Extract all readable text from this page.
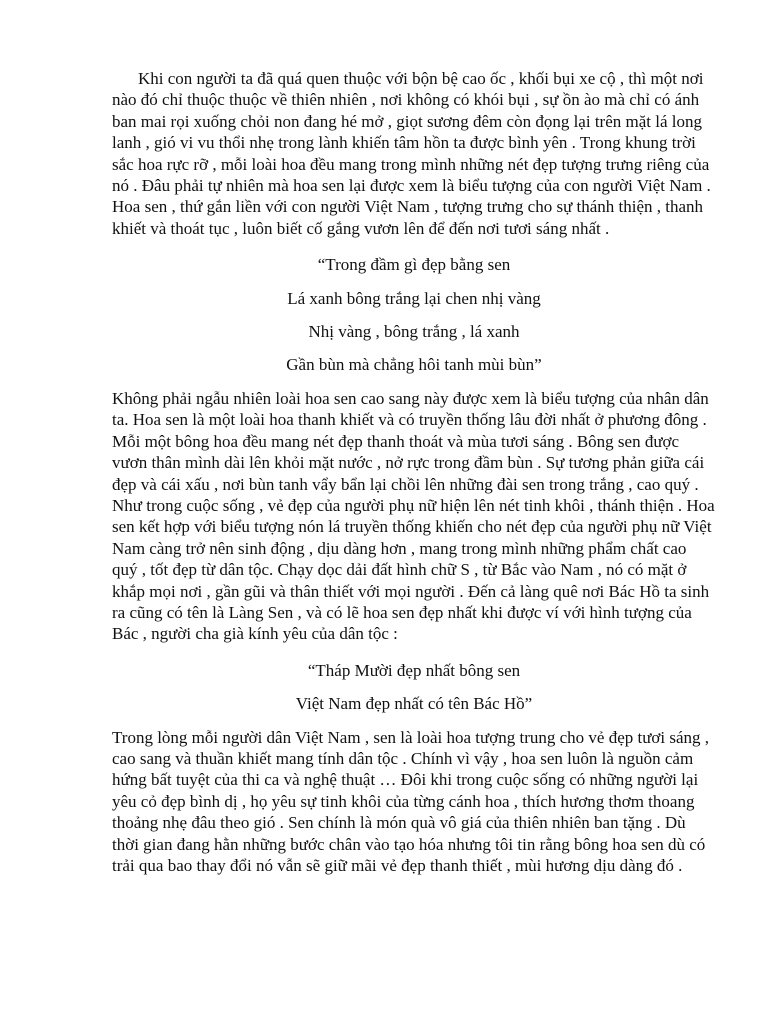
Khi con người ta đã quá quen thuộc với bộn bệ cao ốc , khối bụi xe cộ , thì một nơi nào đó chỉ thuộc thuộc về thiên nhiên , nơi không có khói bụi , sự ồn ào mà chỉ có ánh ban mai rọi xuống chỏi non đang hé mở , giọt sương đêm còn đọng lại trên mặt lá long lanh , gió vi vu thổi nhẹ trong lành khiến tâm hồn ta được bình yên . Trong khung trời sắc hoa rực rỡ , mỗi loài hoa đều mang trong mình những nét đẹp tượng trưng riêng của nó . Đâu phải tự nhiên mà hoa sen lại được xem là biểu tượng của con người Việt Nam . Hoa sen , thứ gắn liền với con người Việt Nam , tượng trưng cho sự thánh thiện , thanh khiết và thoát tục , luôn biết cố gắng vươn lên để đến nơi tươi sáng nhất .

“Trong đầm gì đẹp bằng sen
Lá xanh bông trắng lại chen nhị vàng
Nhị vàng , bông trắng , lá xanh
Gần bùn mà chẳng hôi tanh mùi bùn”

Không phải ngẫu nhiên loài hoa sen cao sang này được xem là biểu tượng của nhân dân ta. Hoa sen là một loài hoa thanh khiết và có truyền thống lâu đời nhất ở phương đông . Mỗi một bông hoa đều mang nét đẹp thanh thoát và mùa tươi sáng . Bông sen được vươn thân mình dài lên khỏi mặt nước , nở rực trong đầm bùn . Sự tương phản giữa cái đẹp và cái xấu , nơi bùn tanh vẩy bẩn lại chồi lên những đài sen trong trắng , cao quý . Như trong cuộc sống , vẻ đẹp của người phụ nữ hiện lên nét tinh khôi , thánh thiện . Hoa sen kết hợp với biểu tượng nón lá truyền thống khiến cho nét đẹp của người phụ nữ Việt Nam càng trở nên sinh động , dịu dàng hơn , mang trong mình những phẩm chất cao quý , tốt đẹp từ dân tộc. Chạy dọc dải đất hình chữ S , từ Bắc vào Nam , nó có mặt ở khắp mọi nơi , gần gũi và thân thiết với mọi người . Đến cả làng quê nơi Bác Hồ ta sinh ra cũng có tên là Làng Sen , và có lẽ hoa sen đẹp nhất khi được ví với hình tượng của Bác , người cha già kính yêu của dân tộc :

“Tháp Mười đẹp nhất bông sen
Việt Nam đẹp nhất có tên Bác Hồ”

Trong lòng mỗi người dân Việt Nam , sen là loài hoa tượng trung cho vẻ đẹp tươi sáng , cao sang và thuần khiết mang tính dân tộc . Chính vì vậy , hoa sen luôn là nguồn cảm hứng bất tuyệt của thi ca và nghệ thuật … Đôi khi trong cuộc sống có những người lại yêu cỏ đẹp bình dị , họ yêu sự tinh khôi của từng cánh hoa , thích hương thơm thoang thoảng nhẹ đâu theo gió . Sen chính là món quà vô giá của thiên nhiên ban tặng . Dù thời gian đang hằn những bước chân vào tạo hóa nhưng tôi tin rằng bông hoa sen dù có trải qua bao thay đổi nó vẫn sẽ giữ mãi vẻ đẹp thanh thiết , mùi hương dịu dàng đó .
